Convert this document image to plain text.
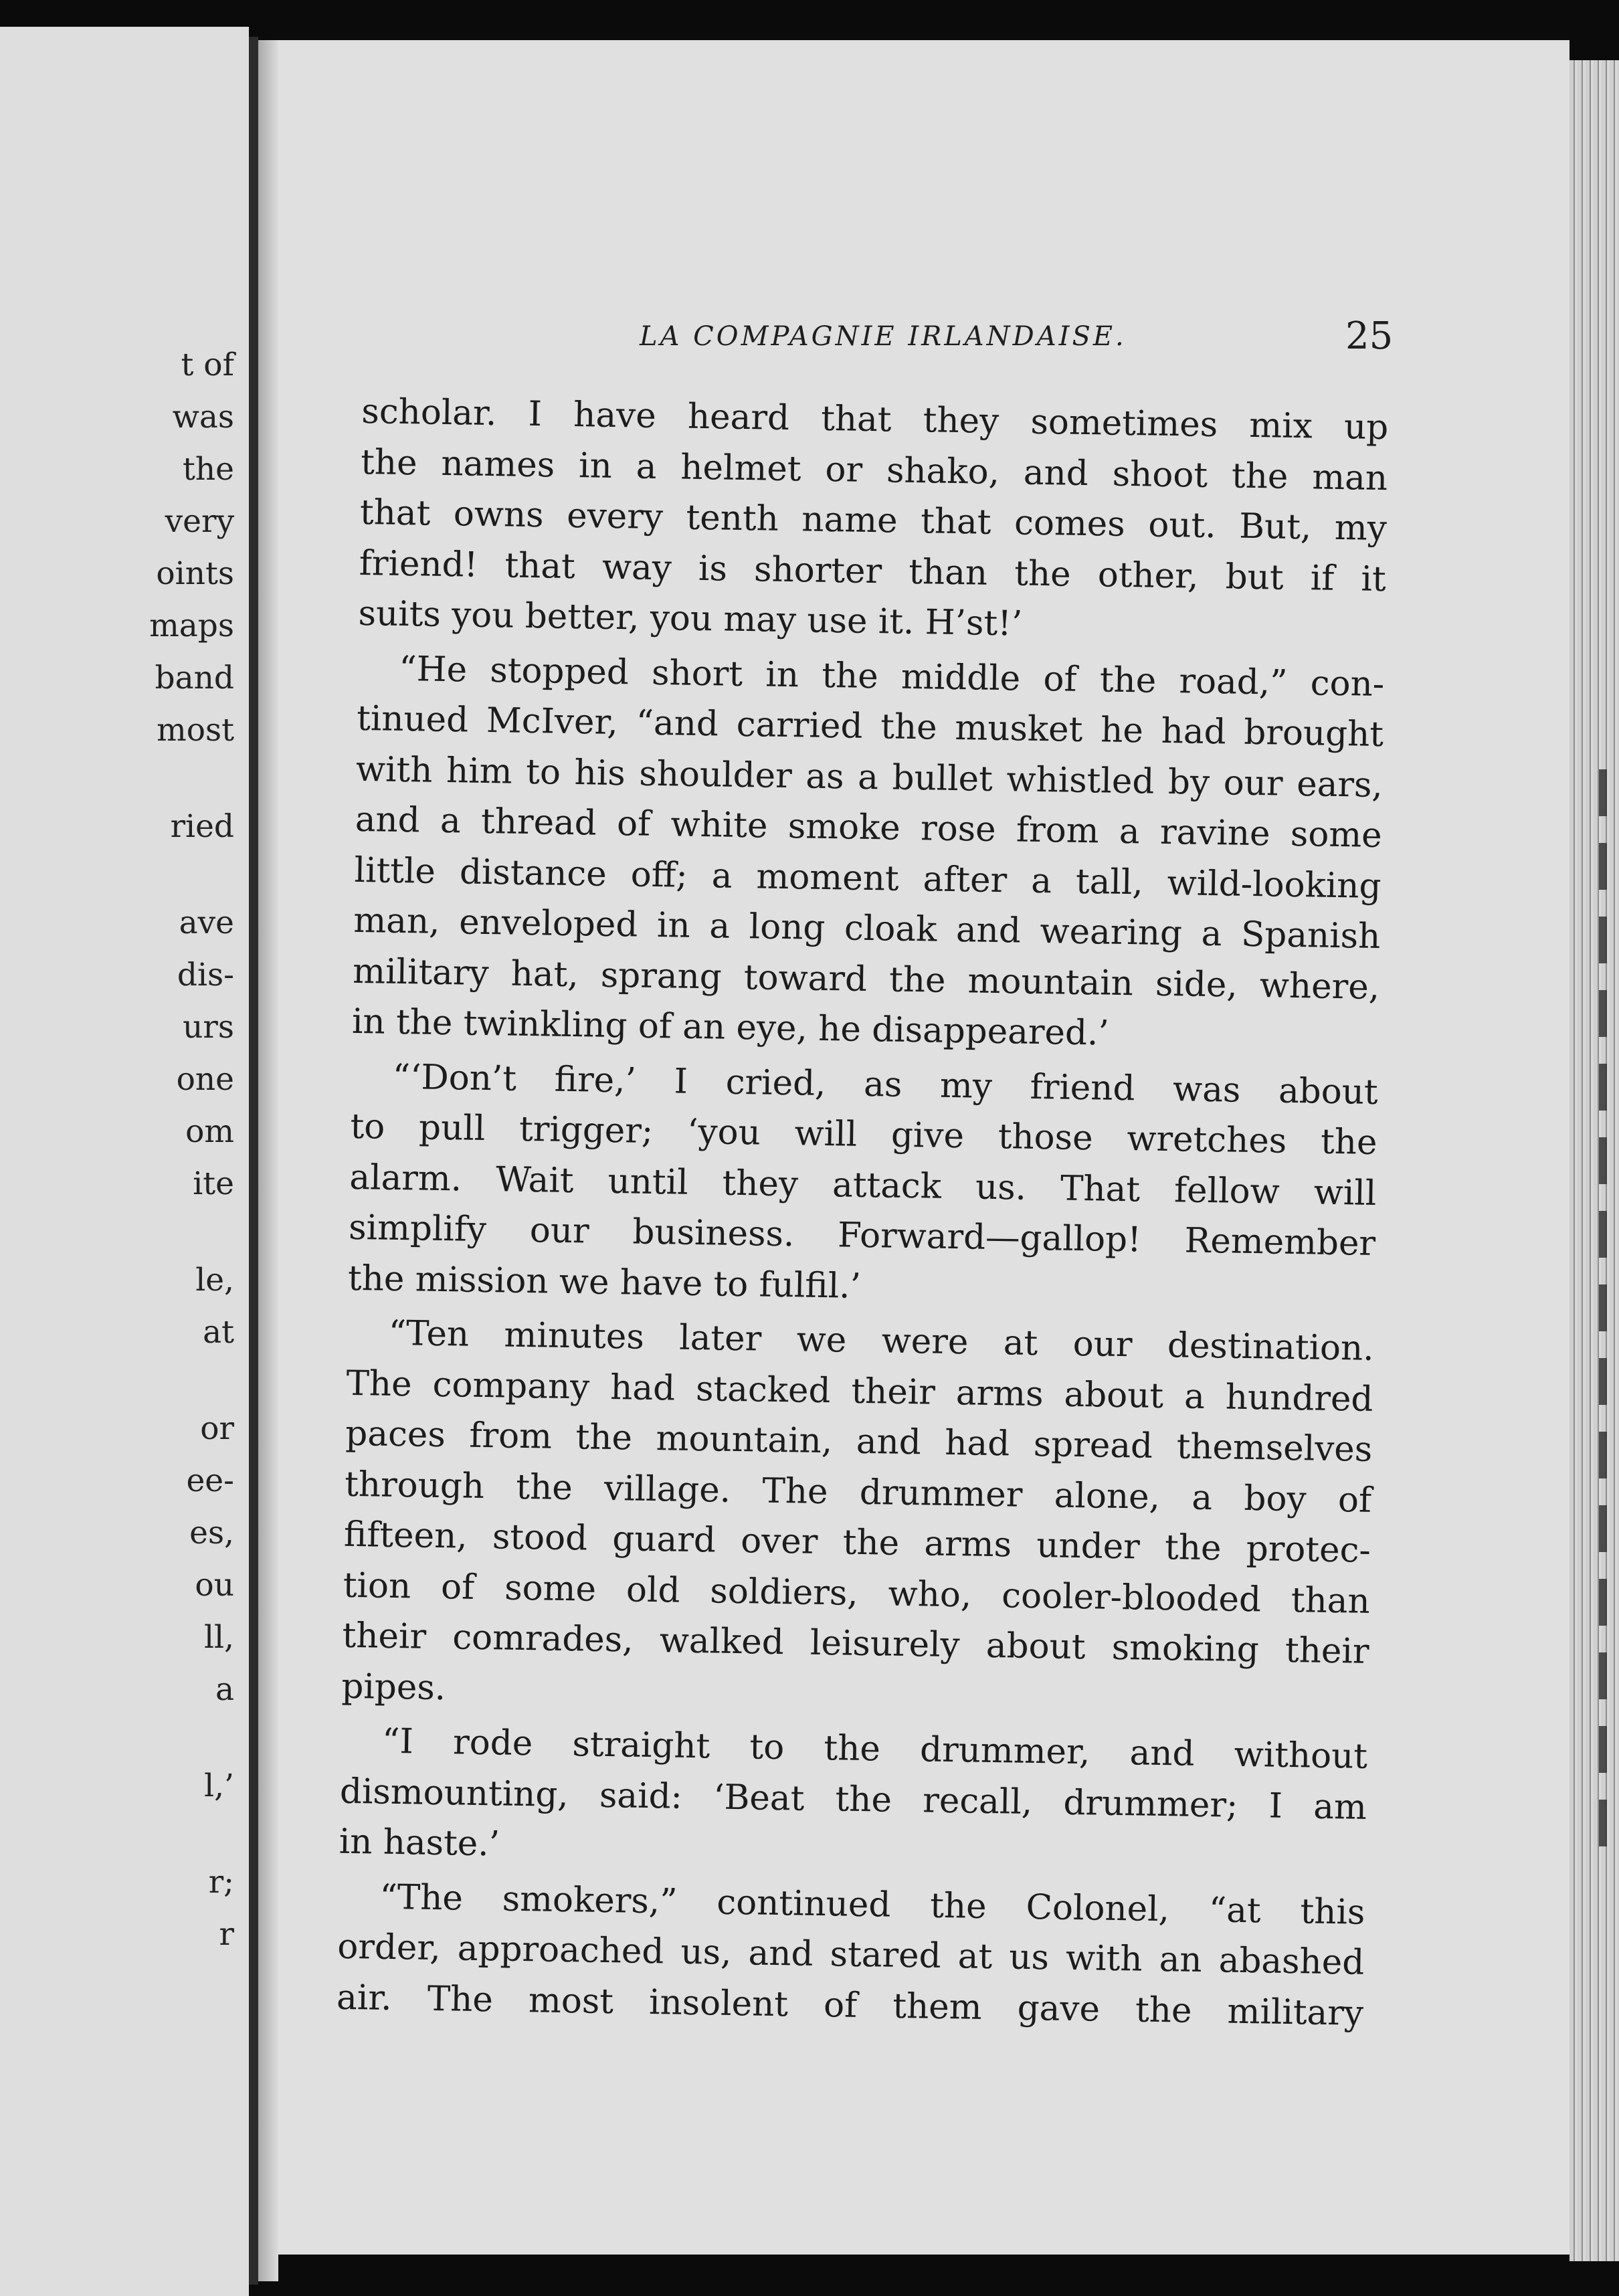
t of
was
the
very
oints
maps
band
most
ried
ave
dis-
urs
one
om
ite
le,
at
or
ee-
es,
ou
ll,
a
l,’
r;
r
LA COMPAGNIE IRLANDAISE.	25

scholar. I have heard that they sometimes mix up
the names in a helmet or shako, and shoot the man
that owns every tenth name that comes out. But, my
friend! that way is shorter than the other, but if it
suits you better, you may use it. H’st!’

“He stopped short in the middle of the road,” con-
tinued McIver, “and carried the musket he had brought
with him to his shoulder as a bullet whistled by our ears,
and a thread of white smoke rose from a ravine some
little distance off; a moment after a tall, wild-looking
man, enveloped in a long cloak and wearing a Spanish
military hat, sprang toward the mountain side, where,
in the twinkling of an eye, he disappeared.’

“‘Don’t fire,’ I cried, as my friend was about
to pull trigger; ‘you will give those wretches the
alarm. Wait until they attack us. That fellow will
simplify our business. Forward—gallop! Remember
the mission we have to fulfil.’

“Ten minutes later we were at our destination.
The company had stacked their arms about a hundred
paces from the mountain, and had spread themselves
through the village. The drummer alone, a boy of
fifteen, stood guard over the arms under the protec-
tion of some old soldiers, who, cooler-blooded than
their comrades, walked leisurely about smoking their
pipes.

“I rode straight to the drummer, and without
dismounting, said: ‘Beat the recall, drummer; I am
in haste.’

“The smokers,” continued the Colonel, “at this
order, approached us, and stared at us with an abashed
air. The most insolent of them gave the military
